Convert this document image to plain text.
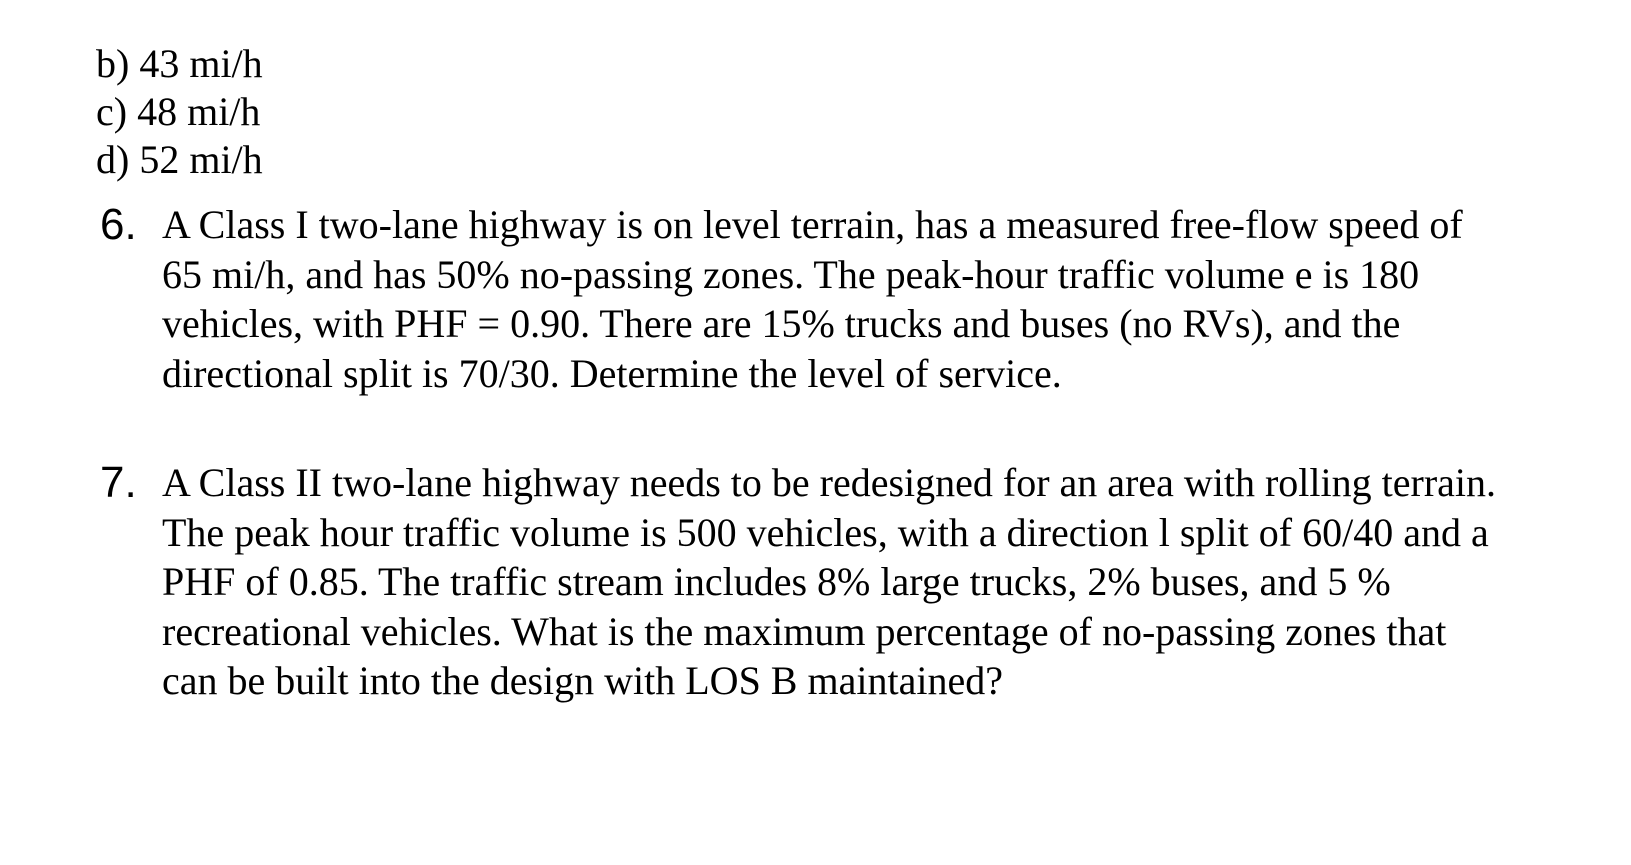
b) 43 mi/h
c) 48 mi/h
d) 52 mi/h
6. A Class I two-lane highway is on level terrain, has a measured free-flow speed of 65 mi/h, and has 50% no-passing zones. The peak-hour traffic volume e is 180 vehicles, with PHF = 0.90. There are 15% trucks and buses (no RVs), and the directional split is 70/30. Determine the level of service.
7. A Class II two-lane highway needs to be redesigned for an area with rolling terrain. The peak hour traffic volume is 500 vehicles, with a direction l split of 60/40 and a PHF of 0.85. The traffic stream includes 8% large trucks, 2% buses, and 5 % recreational vehicles. What is the maximum percentage of no-passing zones that can be built into the design with LOS B maintained?
